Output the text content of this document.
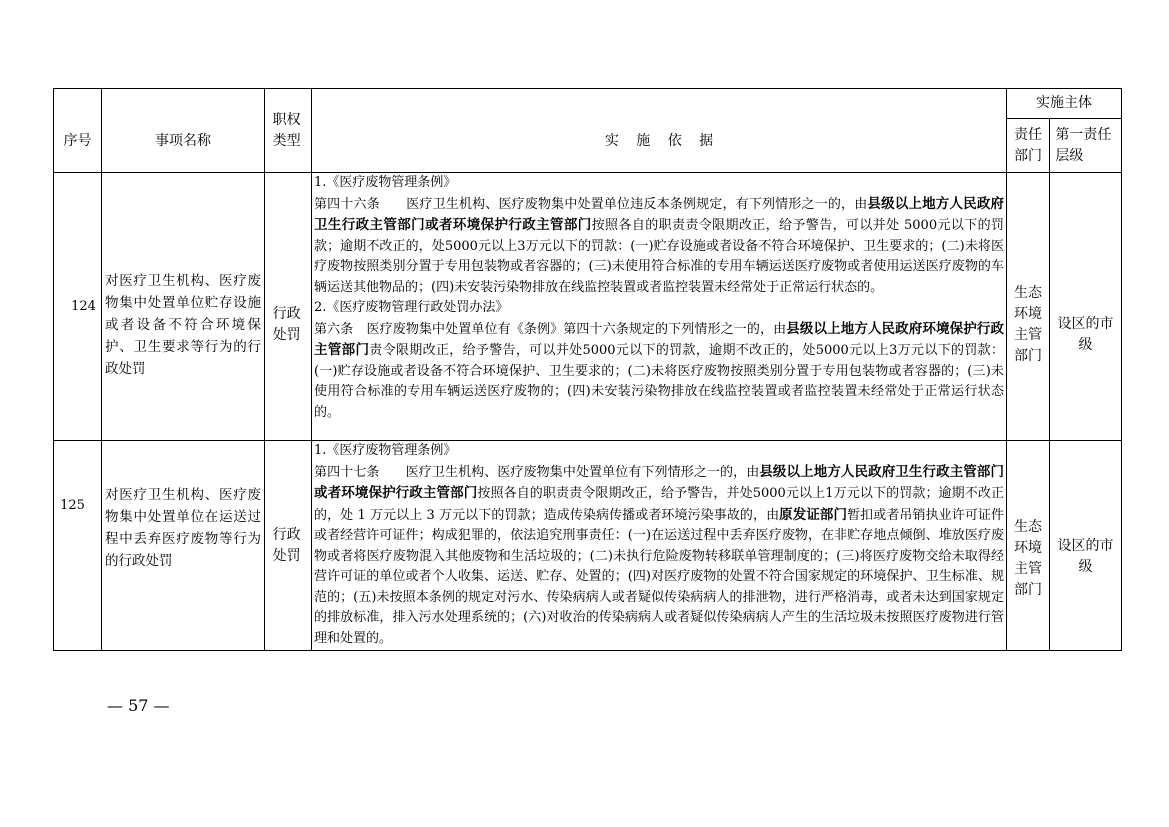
序号	事项名称	职权类型	实 施 依 据	实施主体	

				责任部门	第一责任层级

124	对医疗卫生机构、医疗废物集中处置单位贮存设施或者设备不符合环境保护、卫生要求等行为的行政处罚	行政处罚	1.《医疗废物管理条例》

第四十六条　　医疗卫生机构、医疗废物集中处置单位违反本条例规定，有下列情形之一的，由县级以上地方人民政府卫生行政主管部门或者环境保护行政主管部门按照各自的职责责令限期改正，给予警告，可以并处 5000元以下的罚款；逾期不改正的，处5000元以上3万元以下的罚款：(一)贮存设施或者设备不符合环境保护、卫生要求的；(二)未将医疗废物按照类别分置于专用包装物或者容器的；(三)未使用符合标准的专用车辆运送医疗废物或者使用运送医疗废物的车辆运送其他物品的；(四)未安装污染物排放在线监控装置或者监控装置未经常处于正常运行状态的。

2.《医疗废物管理行政处罚办法》

第六条　医疗废物集中处置单位有《条例》第四十六条规定的下列情形之一的，由县级以上地方人民政府环境保护行政主管部门责令限期改正，给予警告，可以并处5000元以下的罚款，逾期不改正的，处5000元以上3万元以下的罚款：(一)贮存设施或者设备不符合环境保护、卫生要求的；(二)未将医疗废物按照类别分置于专用包装物或者容器的；(三)未使用符合标准的专用车辆运送医疗废物的；(四)未安装污染物排放在线监控装置或者监控装置未经常处于正常运行状态的。	生态环境主管部门	设区的市级

125	对医疗卫生机构、医疗废物集中处置单位在运送过程中丢弃医疗废物等行为的行政处罚	行政处罚	1.《医疗废物管理条例》

第四十七条　　医疗卫生机构、医疗废物集中处置单位有下列情形之一的，由县级以上地方人民政府卫生行政主管部门或者环境保护行政主管部门按照各自的职责责令限期改正，给予警告，并处5000元以上1万元以下的罚款；逾期不改正的，处 1 万元以上 3 万元以下的罚款；造成传染病传播或者环境污染事故的，由原发证部门暂扣或者吊销执业许可证件或者经营许可证件；构成犯罪的，依法追究刑事责任：(一)在运送过程中丢弃医疗废物，在非贮存地点倾倒、堆放医疗废物或者将医疗废物混入其他废物和生活垃圾的；(二)未执行危险废物转移联单管理制度的；(三)将医疗废物交给未取得经营许可证的单位或者个人收集、运送、贮存、处置的；(四)对医疗废物的处置不符合国家规定的环境保护、卫生标准、规范的；(五)未按照本条例的规定对污水、传染病病人或者疑似传染病病人的排泄物，进行严格消毒，或者未达到国家规定的排放标准，排入污水处理系统的；(六)对收治的传染病病人或者疑似传染病病人产生的生活垃圾未按照医疗废物进行管理和处置的。	生态环境主管部门	设区的市级
— 57 —
